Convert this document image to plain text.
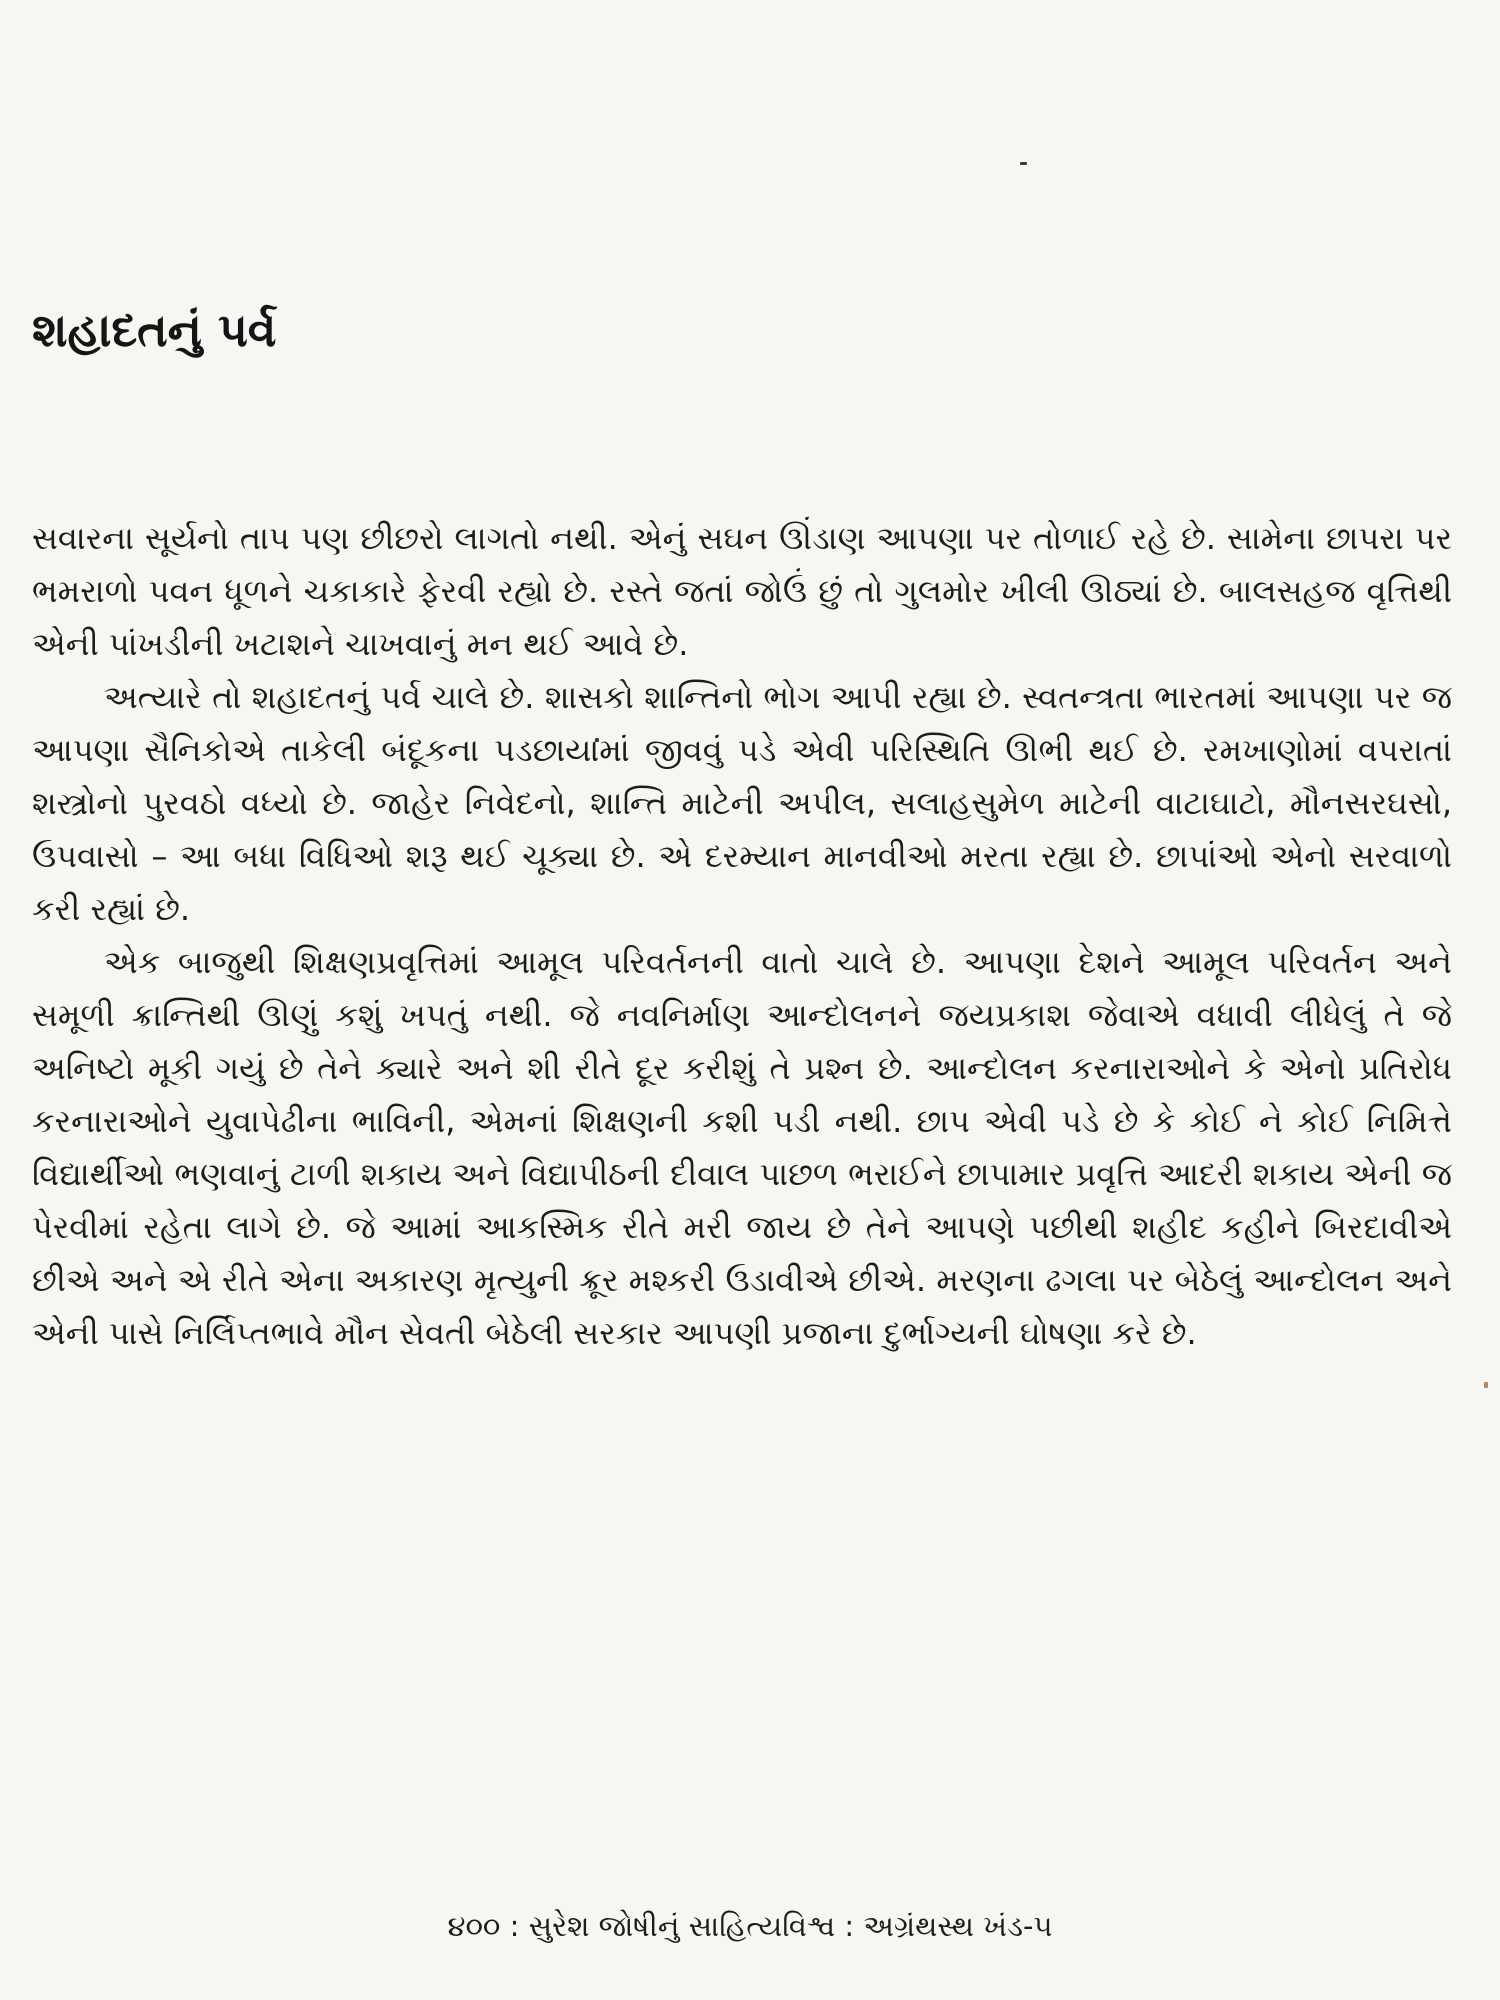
શહાદતનું પર્વ

સવારના સૂર્યનો તાપ પણ છીછરો લાગતો નથી. એનું સઘન ઊંડાણ આપણા પર તોળાઈ રહે છે. સામેના છાપરા પર ભમરાળો પવન ધૂળને ચકાકારે ફેરવી રહ્યો છે. રસ્તે જતાં જોઉં છું તો ગુલમોર ખીલી ઊઠ્યાં છે. બાલસહજ વૃત્તિથી એની પાંખડીની ખટાશને ચાખવાનું મન થઈ આવે છે.

અત્યારે તો શહાદતનું પર્વ ચાલે છે. શાસકો શાન્તિનો ભોગ આપી રહ્યા છે. સ્વતન્ત્રતા ભારતમાં આપણા પર જ આપણા સૈનિકોએ તાકેલી બંદૂકના પડછાયામાં જીવવું પડે એવી પરિસ્થિતિ ઊભી થઈ છે. રમખાણોમાં વપરાતાં શસ્ત્રોનો પુરવઠો વધ્યો છે. જાહેર નિવેદનો, શાન્તિ માટેની અપીલ, સલાહસુમેળ માટેની વાટાઘાટો, મૌનસરઘસો, ઉપવાસો – આ બધા વિધિઓ શરૂ થઈ ચૂક્યા છે. એ દરમ્યાન માનવીઓ મરતા રહ્યા છે. છાપાંઓ એનો સરવાળો કરી રહ્યાં છે.

એક બાજુથી શિક્ષણપ્રવૃત્તિમાં આમૂલ પરિવર્તનની વાતો ચાલે છે. આપણા દેશને આમૂલ પરિવર્તન અને સમૂળી ક્રાન્તિથી ઊણું કશું ખપતું નથી. જે નવનિર્માણ આન્દોલનને જયપ્રકાશ જેવાએ વધાવી લીધેલું તે જે અનિષ્ટો મૂકી ગયું છે તેને ક્યારે અને શી રીતે દૂર કરીશું તે પ્રશ્ન છે. આન્દોલન કરનારાઓને કે એનો પ્રતિરોધ કરનારાઓને યુવાપેઢીના ભાવિની, એમનાં શિક્ષણની કશી પડી નથી. છાપ એવી પડે છે કે કોઈ ને કોઈ નિમિત્તે વિદ્યાર્થીઓ ભણવાનું ટાળી શકાય અને વિદ્યાપીઠની દીવાલ પાછળ ભરાઈને છાપામાર પ્રવૃત્તિ આદરી શકાય એની જ પેરવીમાં રહેતા લાગે છે. જે આમાં આકસ્મિક રીતે મરી જાય છે તેને આપણે પછીથી શહીદ કહીને બિરદાવીએ છીએ અને એ રીતે એના અકારણ મૃત્યુની ક્રૂર મશ્કરી ઉડાવીએ છીએ. મરણના ઢગલા પર બેઠેલું આન્દોલન અને એની પાસે નિર્લિપ્તભાવે મૌન સેવતી બેઠેલી સરકાર આપણી પ્રજાના દુર્ભાગ્યની ઘોષણા કરે છે.

૪૦૦ : સુરેશ જોષીનું સાહિત્યવિશ્વ : અગ્રંથસ્થ ખંડ-૫
